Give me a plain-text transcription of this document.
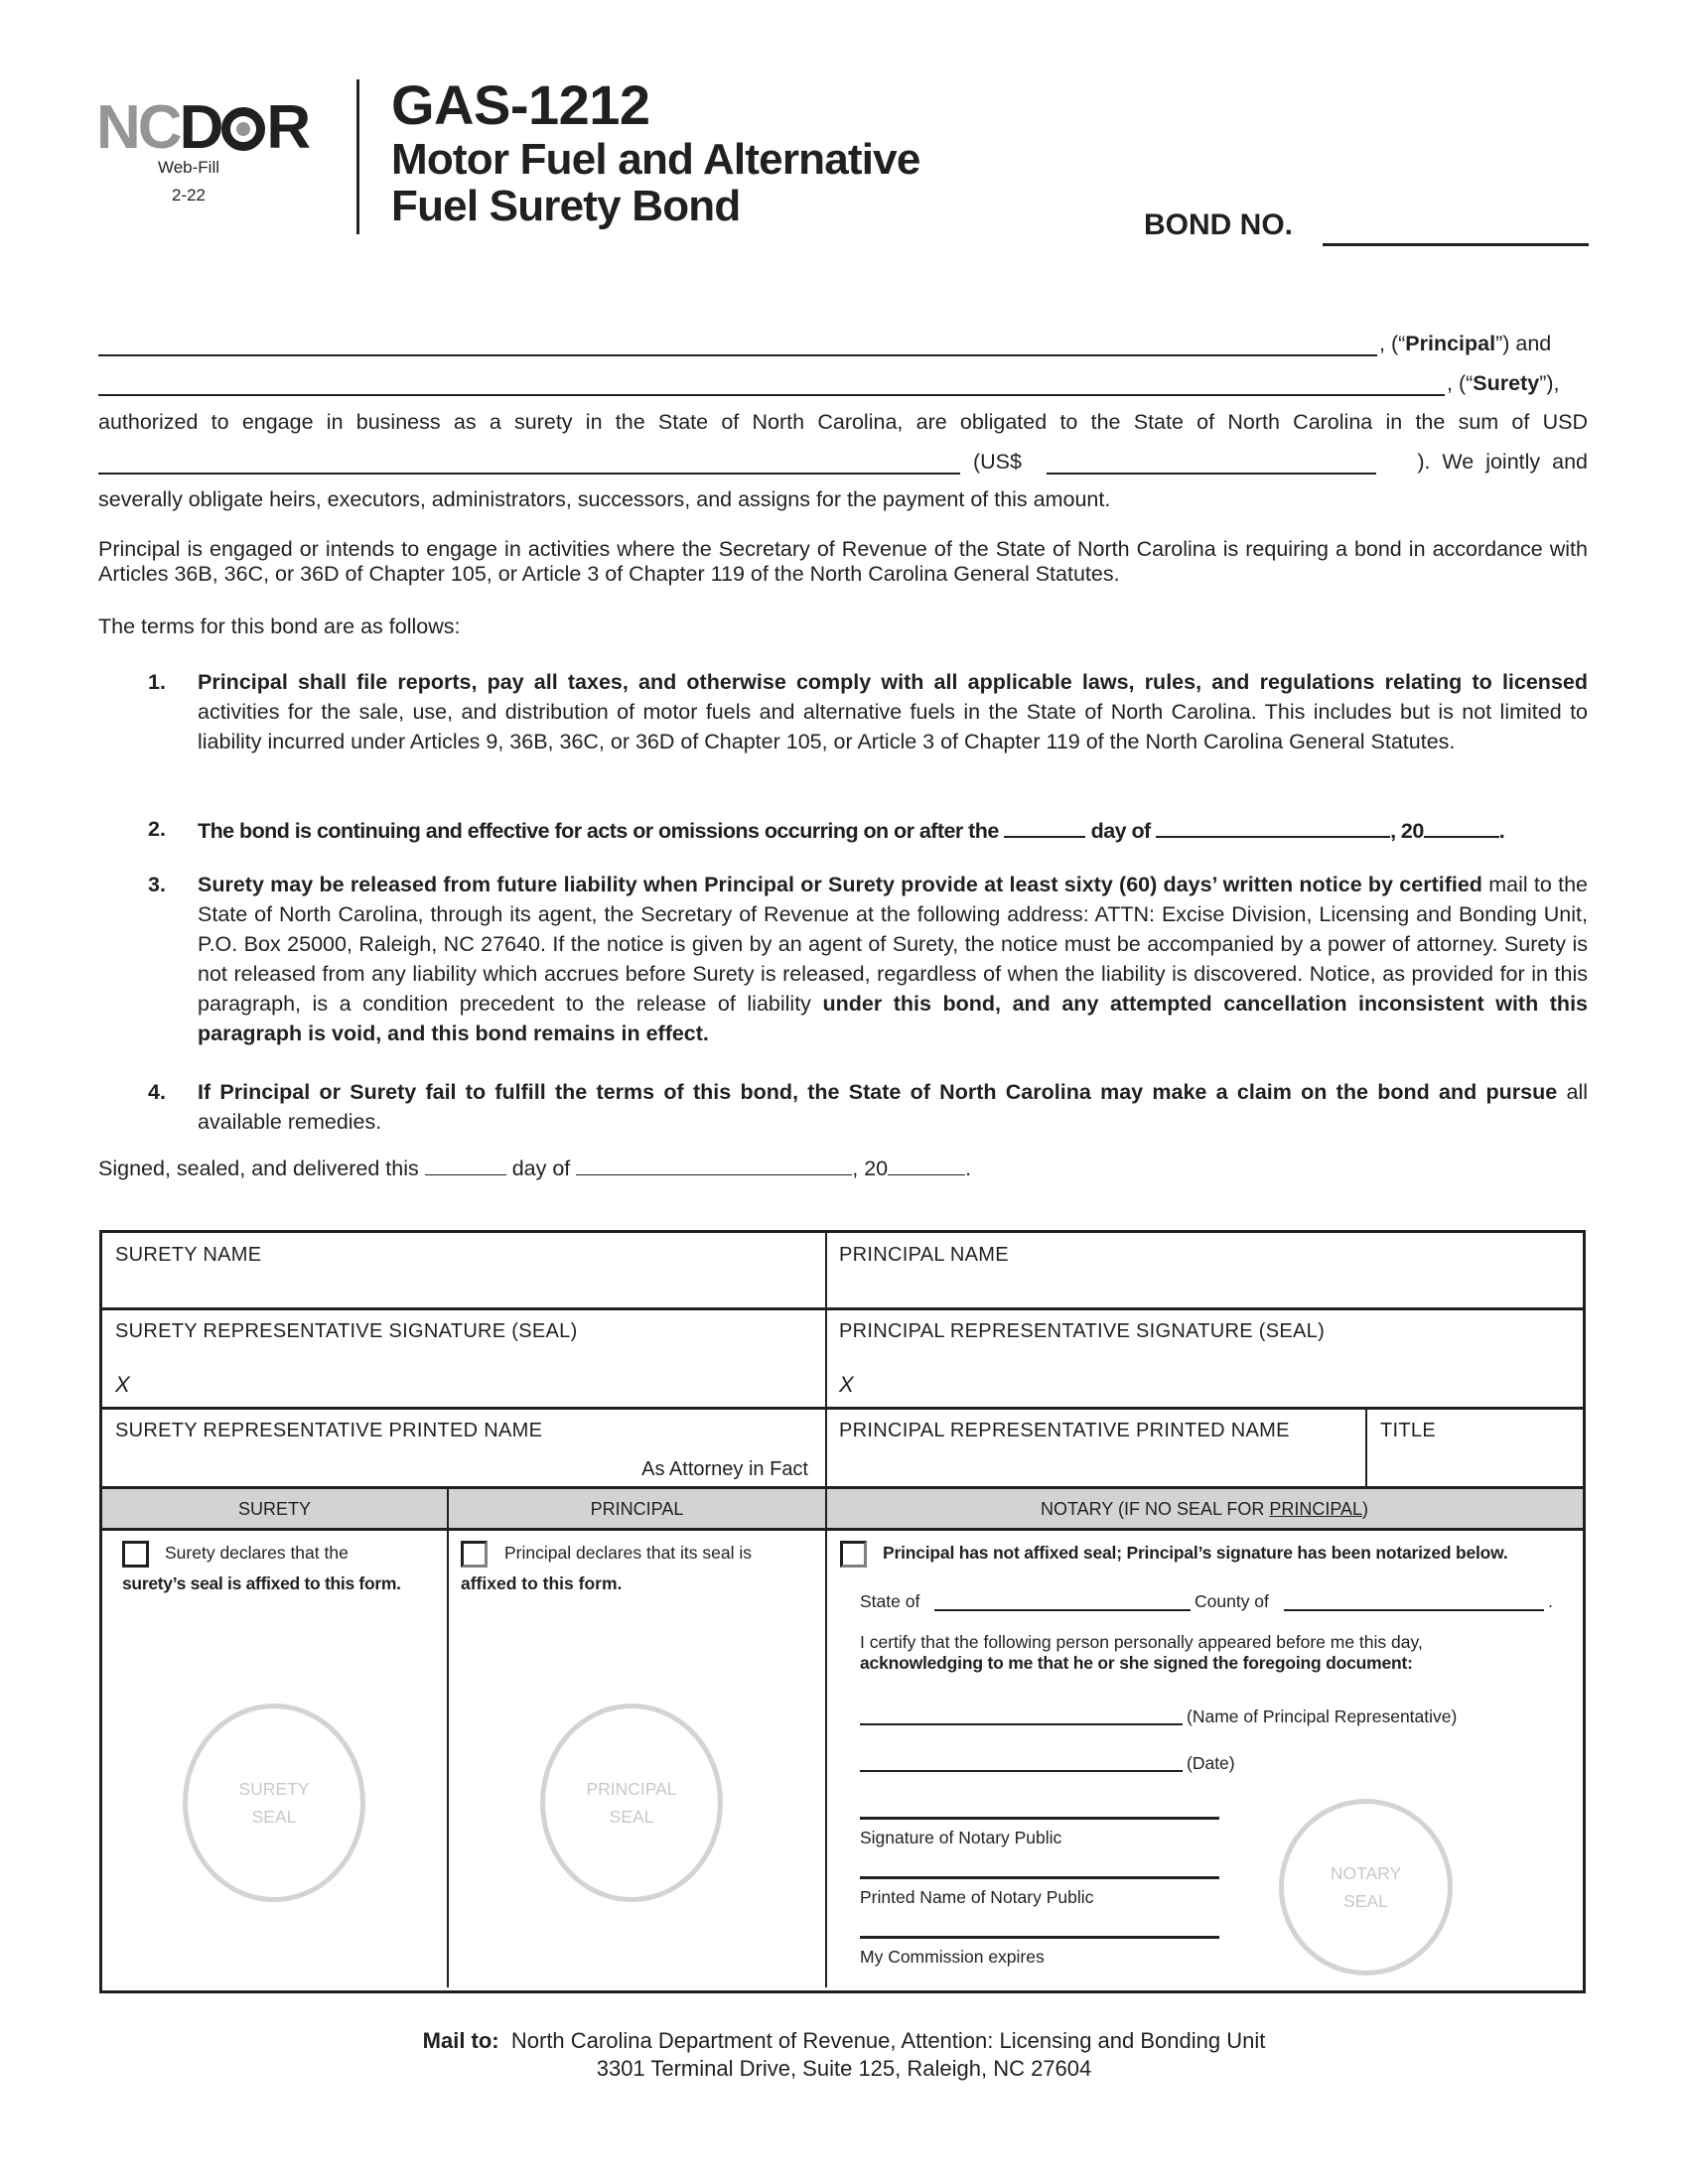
NCD R
Web-Fill
2-22
GAS-1212
Motor Fuel and Alternative
Fuel Surety Bond	BOND NO.
, (“Principal”) and
, (“Surety”),
authorized to engage in business as a surety in the State of North Carolina, are obligated to the State of North Carolina in the sum of USD
(US$	).  We  jointly  and
severally obligate heirs, executors, administrators, successors, and assigns for the payment of this amount.
Principal is engaged or intends to engage in activities where the Secretary of Revenue of the State of North Carolina is requiring a bond in accordance with Articles 36B, 36C, or 36D of Chapter 105, or Article 3 of Chapter 119 of the North Carolina General Statutes.
The terms for this bond are as follows:
1. Principal shall file reports, pay all taxes, and otherwise comply with all applicable laws, rules, and regulations relating to licensed activities for the sale, use, and distribution of motor fuels and alternative fuels in the State of North Carolina. This includes but is not limited to liability incurred under Articles 9, 36B, 36C, or 36D of Chapter 105, or Article 3 of Chapter 119 of the North Carolina General Statutes.
2. The bond is continuing and effective for acts or omissions occurring on or after the	day of	, 20	.
3. Surety may be released from future liability when Principal or Surety provide at least sixty (60) days’ written notice by certified mail to the State of North Carolina, through its agent, the Secretary of Revenue at the following address: ATTN: Excise Division, Licensing and Bonding Unit, P.O. Box 25000, Raleigh, NC 27640. If the notice is given by an agent of Surety, the notice must be accompanied by a power of attorney. Surety is not released from any liability which accrues before Surety is released, regardless of when the liability is discovered. Notice, as provided for in this paragraph, is a condition precedent to the release of liability under this bond, and any attempted cancellation inconsistent with this paragraph is void, and this bond remains in effect.
4. If Principal or Surety fail to fulfill the terms of this bond, the State of North Carolina may make a claim on the bond and pursue all available remedies.
Signed, sealed, and delivered this	day of	, 20	.
SURETY NAME	PRINCIPAL NAME
SURETY REPRESENTATIVE SIGNATURE (SEAL)
X
PRINCIPAL REPRESENTATIVE SIGNATURE (SEAL)
X
SURETY REPRESENTATIVE PRINTED NAME
As Attorney in Fact
PRINCIPAL REPRESENTATIVE PRINTED NAME	TITLE
SURETY	PRINCIPAL	NOTARY (IF NO SEAL FOR PRINCIPAL)
Surety declares that the
surety’s seal is affixed to this form.
SURETY
SEAL
Principal declares that its seal is
affixed to this form.
PRINCIPAL
SEAL
Principal has not affixed seal; Principal’s signature has been notarized below.
State of	County of	.
I certify that the following person personally appeared before me this day,
acknowledging to me that he or she signed the foregoing document:
(Name of Principal Representative)
(Date)
Signature of Notary Public
Printed Name of Notary Public
My Commission expires
NOTARY
SEAL
Mail to: North Carolina Department of Revenue, Attention: Licensing and Bonding Unit
3301 Terminal Drive, Suite 125, Raleigh, NC 27604
